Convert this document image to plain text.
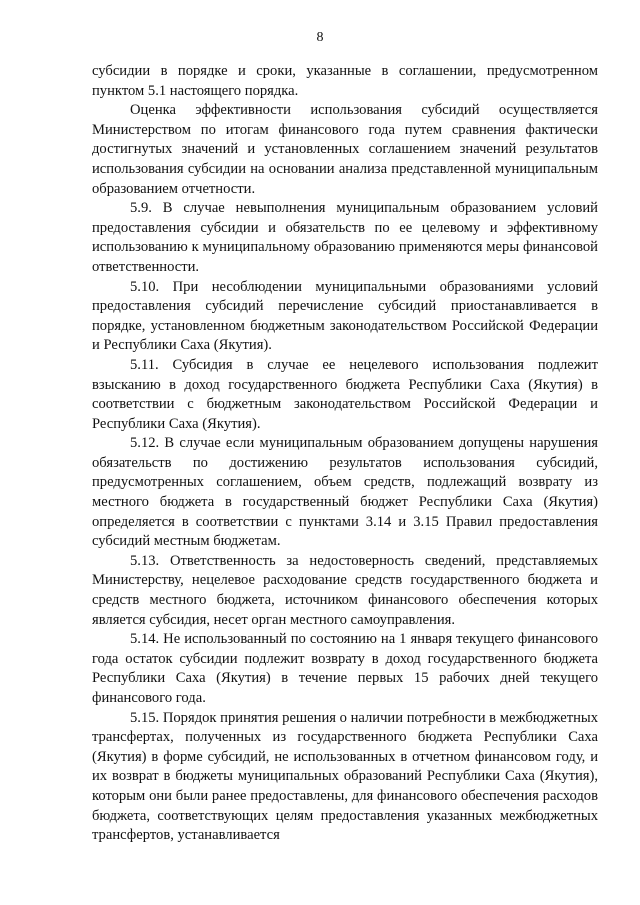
8

субсидии в порядке и сроки, указанные в соглашении, предусмотренном пунктом 5.1 настоящего порядка.

Оценка эффективности использования субсидий осуществляется Министерством по итогам финансового года путем сравнения фактически достигнутых значений и установленных соглашением значений результатов использования субсидии на основании анализа представленной муниципальным образованием отчетности.

5.9. В случае невыполнения муниципальным образованием условий предоставления субсидии и обязательств по ее целевому и эффективному использованию к муниципальному образованию применяются меры финансовой ответственности.

5.10. При несоблюдении муниципальными образованиями условий предоставления субсидий перечисление субсидий приостанавливается в порядке, установленном бюджетным законодательством Российской Федерации и Республики Саха (Якутия).

5.11. Субсидия в случае ее нецелевого использования подлежит взысканию в доход государственного бюджета Республики Саха (Якутия) в соответствии с бюджетным законодательством Российской Федерации и Республики Саха (Якутия).

5.12. В случае если муниципальным образованием допущены нарушения обязательств по достижению результатов использования субсидий, предусмотренных соглашением, объем средств, подлежащий возврату из местного бюджета в государственный бюджет Республики Саха (Якутия) определяется в соответствии с пунктами 3.14 и 3.15 Правил предоставления субсидий местным бюджетам.

5.13. Ответственность за недостоверность сведений, представляемых Министерству, нецелевое расходование средств государственного бюджета и средств местного бюджета, источником финансового обеспечения которых является субсидия, несет орган местного самоуправления.

5.14. Не использованный по состоянию на 1 января текущего финансового года остаток субсидии подлежит возврату в доход государственного бюджета Республики Саха (Якутия) в течение первых 15 рабочих дней текущего финансового года.

5.15. Порядок принятия решения о наличии потребности в межбюджетных трансфертах, полученных из государственного бюджета Республики Саха (Якутия) в форме субсидий, не использованных в отчетном финансовом году, и их возврат в бюджеты муниципальных образований Республики Саха (Якутия), которым они были ранее предоставлены, для финансового обеспечения расходов бюджета, соответствующих целям предоставления указанных межбюджетных трансфертов, устанавливается
